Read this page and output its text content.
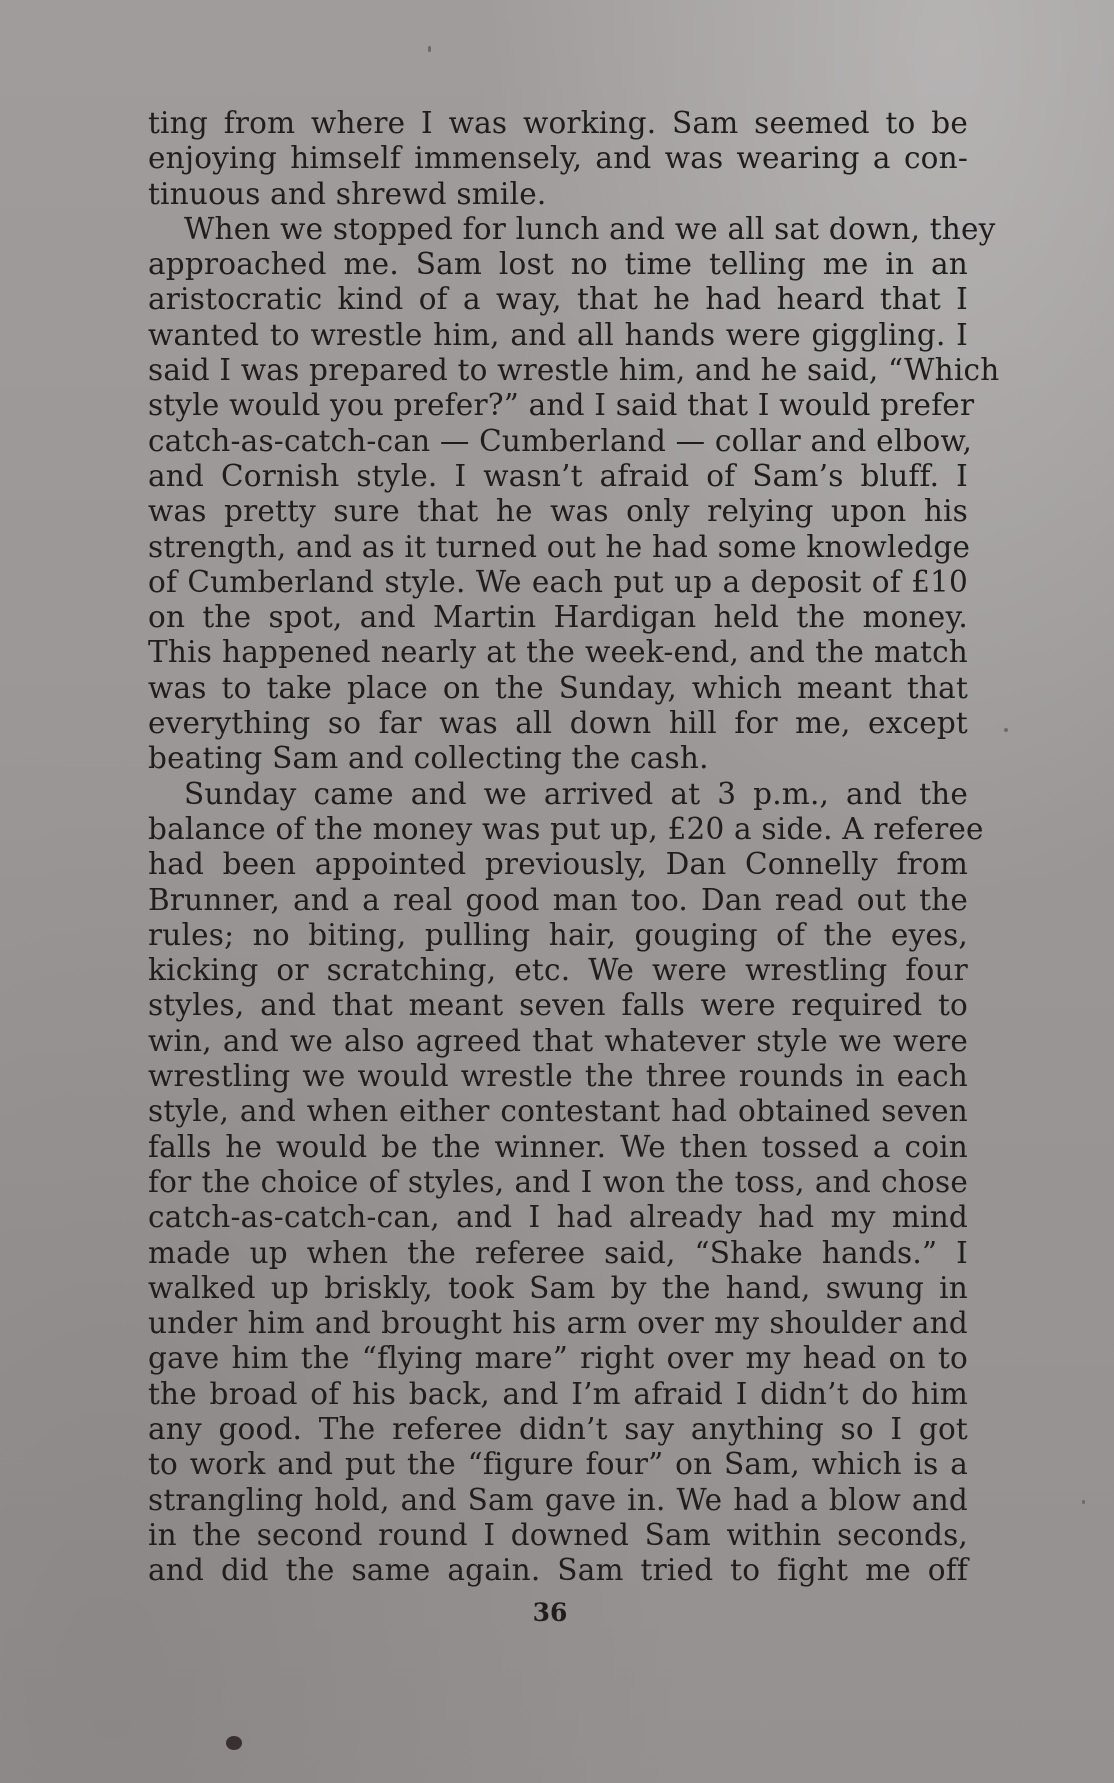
ting from where I was working. Sam seemed to be
enjoying himself immensely, and was wearing a con-
tinuous and shrewd smile.
When we stopped for lunch and we all sat down, they
approached me. Sam lost no time telling me in an
aristocratic kind of a way, that he had heard that I
wanted to wrestle him, and all hands were giggling. I
said I was prepared to wrestle him, and he said, “Which
style would you prefer?” and I said that I would prefer
catch-as-catch-can — Cumberland — collar and elbow,
and Cornish style. I wasn’t afraid of Sam’s bluff. I
was pretty sure that he was only relying upon his
strength, and as it turned out he had some knowledge
of Cumberland style. We each put up a deposit of £10
on the spot, and Martin Hardigan held the money.
This happened nearly at the week-end, and the match
was to take place on the Sunday, which meant that
everything so far was all down hill for me, except
beating Sam and collecting the cash.
Sunday came and we arrived at 3 p.m., and the
balance of the money was put up, £20 a side. A referee
had been appointed previously, Dan Connelly from
Brunner, and a real good man too. Dan read out the
rules; no biting, pulling hair, gouging of the eyes,
kicking or scratching, etc. We were wrestling four
styles, and that meant seven falls were required to
win, and we also agreed that whatever style we were
wrestling we would wrestle the three rounds in each
style, and when either contestant had obtained seven
falls he would be the winner. We then tossed a coin
for the choice of styles, and I won the toss, and chose
catch-as-catch-can, and I had already had my mind
made up when the referee said, “Shake hands.” I
walked up briskly, took Sam by the hand, swung in
under him and brought his arm over my shoulder and
gave him the “flying mare” right over my head on to
the broad of his back, and I’m afraid I didn’t do him
any good. The referee didn’t say anything so I got
to work and put the “figure four” on Sam, which is a
strangling hold, and Sam gave in. We had a blow and
in the second round I downed Sam within seconds,
and did the same again. Sam tried to fight me off
36
